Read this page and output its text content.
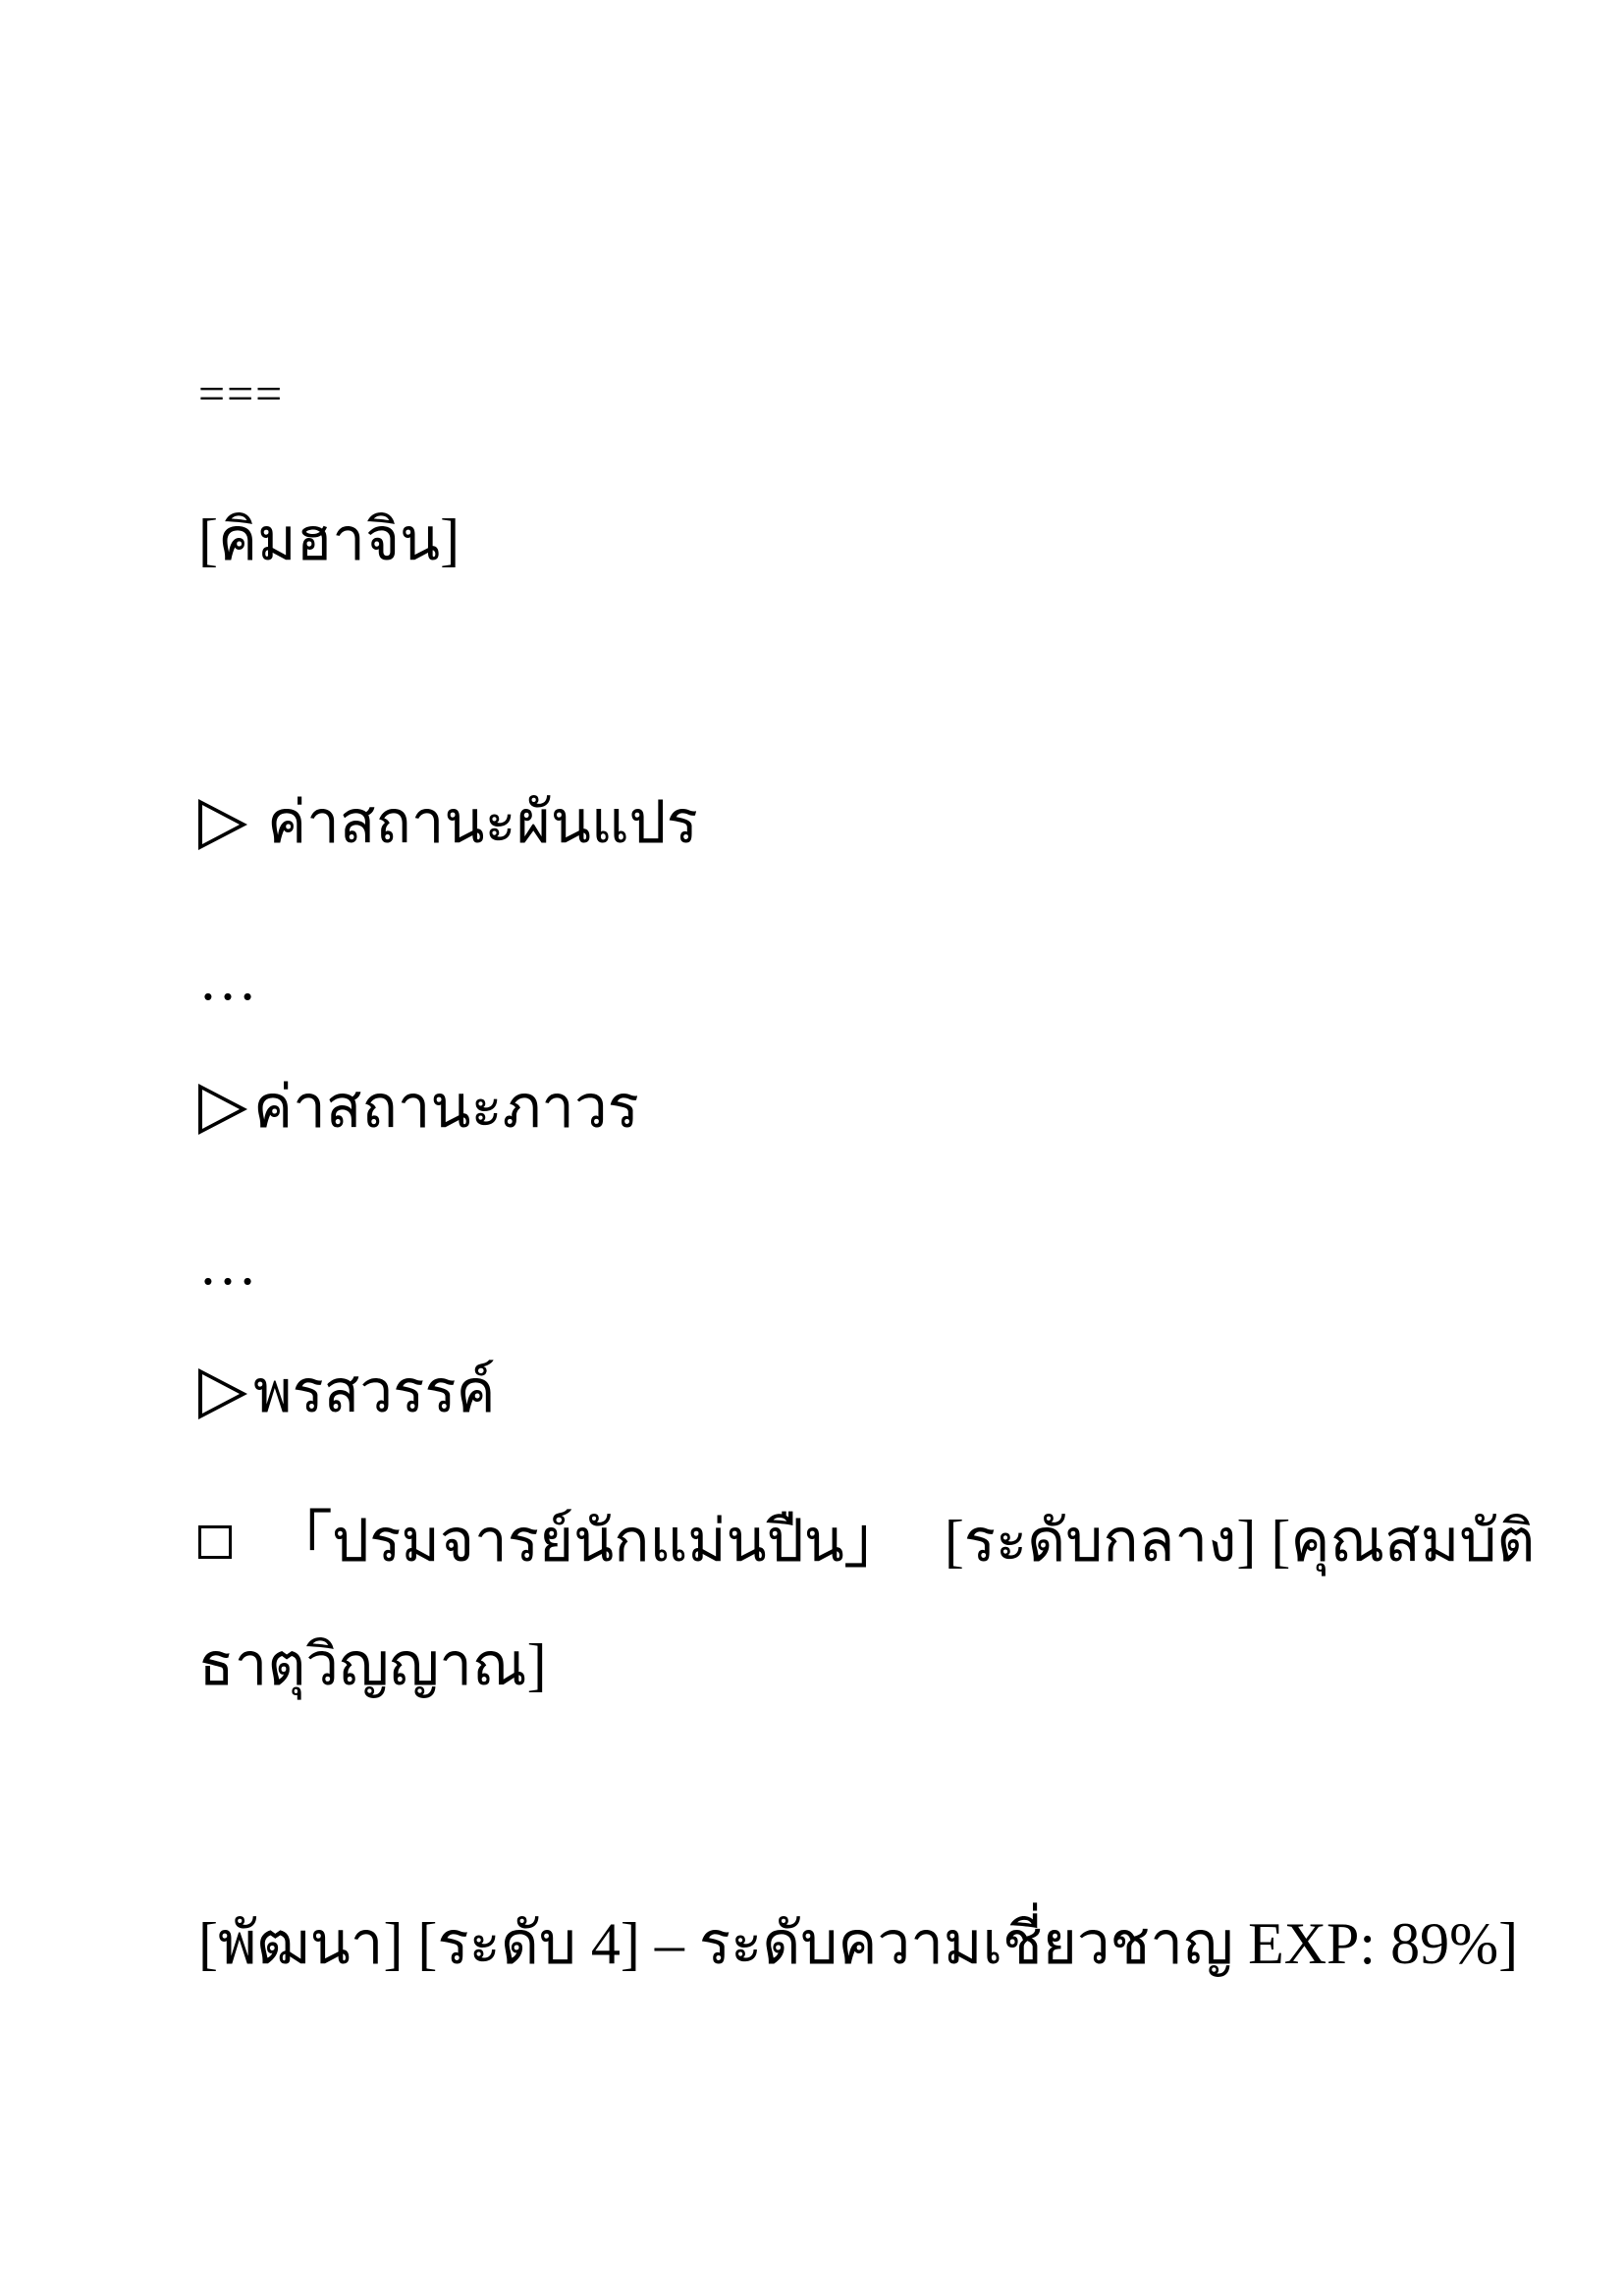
===
[คิมฮาจิน]
ค่าสถานะผันแปร
…
ค่าสถานะภาวร
…
พรสวรรค์
「ปรมจารย์นักแม่นปืน」 [ระดับกลาง] [คุณสมบัติ
ธาตุวิญญาณ]
[พัฒนา] [ระดับ 4] – ระดับความเชี่ยวชาญ EXP: 89%]
